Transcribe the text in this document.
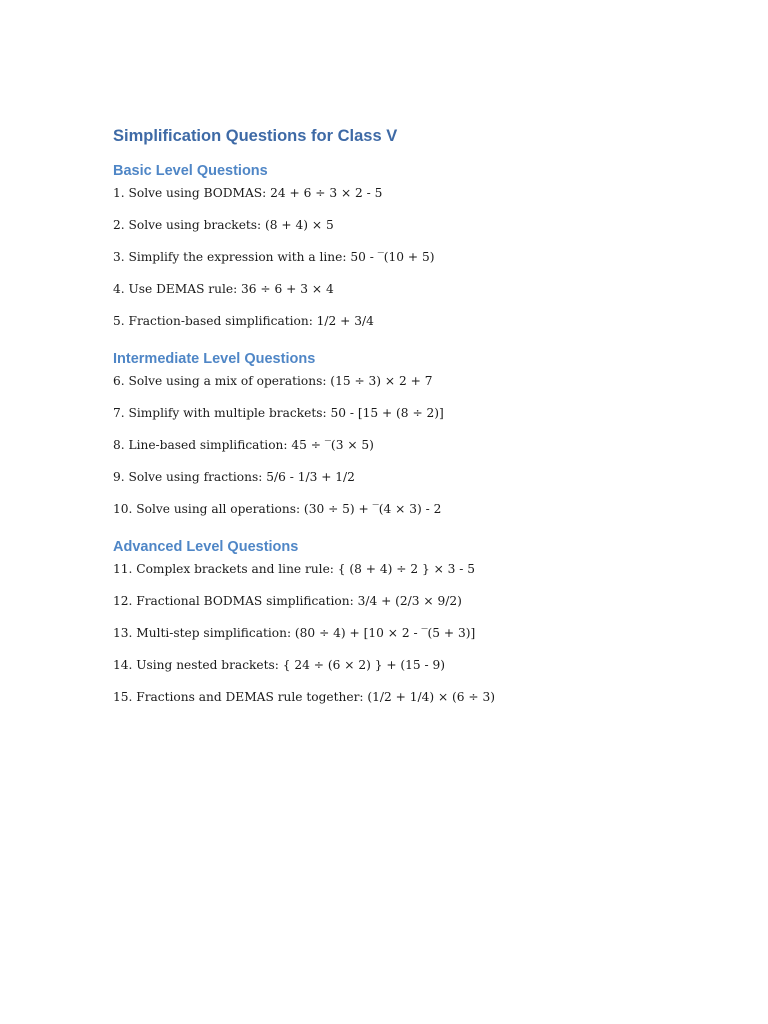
Simplification Questions for Class V
Basic Level Questions

1. Solve using BODMAS: 24 + 6 ÷ 3 × 2 - 5

2. Solve using brackets: (8 + 4) × 5

3. Simplify the expression with a line: 50 - ‾(10 + 5)

4. Use DEMAS rule: 36 ÷ 6 + 3 × 4

5. Fraction-based simplification: 1/2 + 3/4

Intermediate Level Questions

6. Solve using a mix of operations: (15 ÷ 3) × 2 + 7

7. Simplify with multiple brackets: 50 - [15 + (8 ÷ 2)]

8. Line-based simplification: 45 ÷ ‾(3 × 5)

9. Solve using fractions: 5/6 - 1/3 + 1/2

10. Solve using all operations: (30 ÷ 5) + ‾(4 × 3) - 2

Advanced Level Questions

11. Complex brackets and line rule: { (8 + 4) ÷ 2 } × 3 - 5

12. Fractional BODMAS simplification: 3/4 + (2/3 × 9/2)

13. Multi-step simplification: (80 ÷ 4) + [10 × 2 - ‾(5 + 3)]

14. Using nested brackets: { 24 ÷ (6 × 2) } + (15 - 9)

15. Fractions and DEMAS rule together: (1/2 + 1/4) × (6 ÷ 3)
